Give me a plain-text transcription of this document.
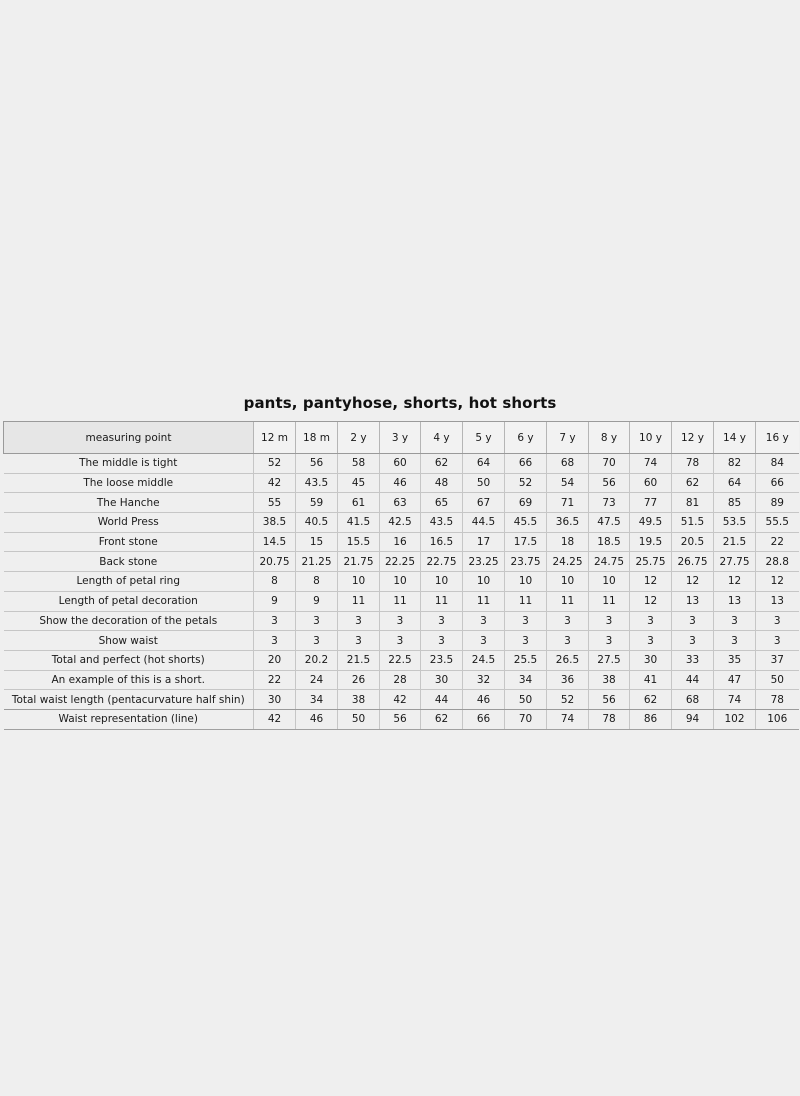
pants, pantyhose, shorts, hot shorts
measuring point	12 m	18 m	2 y	3 y	4 y	5 y	6 y	7 y	8 y	10 y	12 y	14 y	16 y
The middle is tight	52	56	58	60	62	64	66	68	70	74	78	82	84
The loose middle	42	43.5	45	46	48	50	52	54	56	60	62	64	66
The Hanche	55	59	61	63	65	67	69	71	73	77	81	85	89
World Press	38.5	40.5	41.5	42.5	43.5	44.5	45.5	36.5	47.5	49.5	51.5	53.5	55.5
Front stone	14.5	15	15.5	16	16.5	17	17.5	18	18.5	19.5	20.5	21.5	22
Back stone	20.75	21.25	21.75	22.25	22.75	23.25	23.75	24.25	24.75	25.75	26.75	27.75	28.8
Length of petal ring	8	8	10	10	10	10	10	10	10	12	12	12	12
Length of petal decoration	9	9	11	11	11	11	11	11	11	12	13	13	13
Show the decoration of the petals	3	3	3	3	3	3	3	3	3	3	3	3	3
Show waist	3	3	3	3	3	3	3	3	3	3	3	3	3
Total and perfect (hot shorts)	20	20.2	21.5	22.5	23.5	24.5	25.5	26.5	27.5	30	33	35	37
An example of this is a short.	22	24	26	28	30	32	34	36	38	41	44	47	50
Total waist length (pentacurvature half shin)	30	34	38	42	44	46	50	52	56	62	68	74	78
Waist representation (line)	42	46	50	56	62	66	70	74	78	86	94	102	106
